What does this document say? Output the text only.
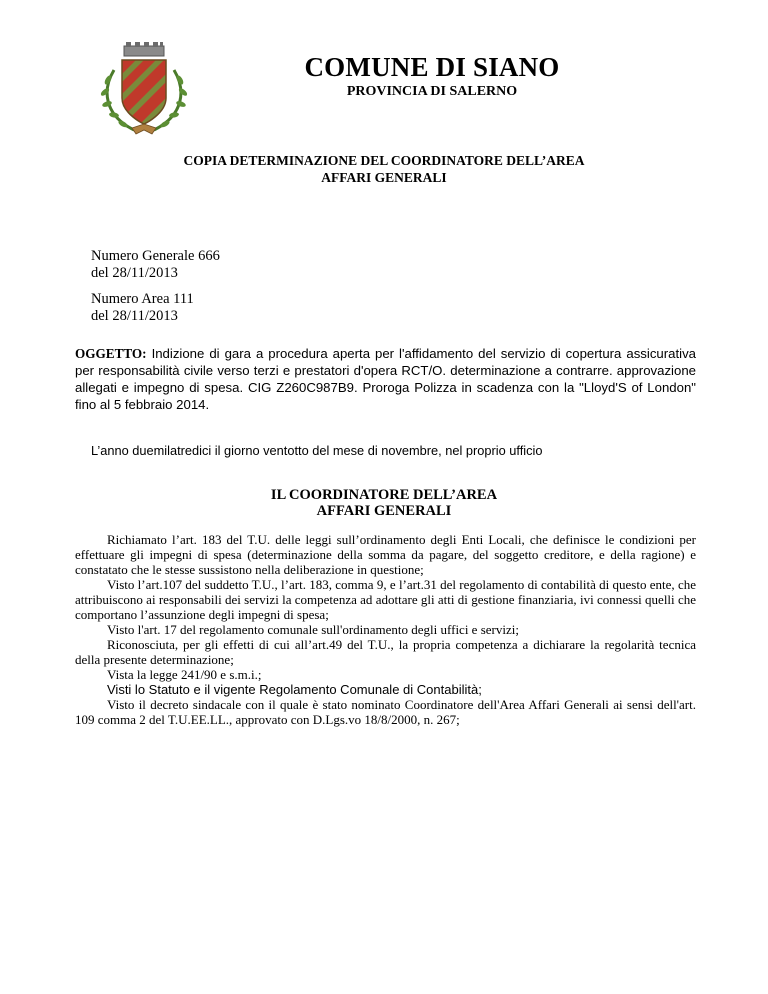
COMUNE DI SIANO
PROVINCIA DI SALERNO
COPIA DETERMINAZIONE DEL COORDINATORE DELL’AREA
AFFARI GENERALI
Numero Generale 666
del 28/11/2013
Numero Area 111
del 28/11/2013
OGGETTO: Indizione di gara a procedura aperta per l'affidamento del servizio di copertura assicurativa per responsabilità civile verso terzi e prestatori d'opera RCT/O. determinazione a contrarre. approvazione allegati e impegno di spesa. CIG Z260C987B9. Proroga Polizza in scadenza con la "Lloyd'S of London" fino al 5 febbraio 2014.
L’anno duemilatredici il giorno ventotto del mese di novembre, nel proprio ufficio
IL COORDINATORE DELL’AREA
AFFARI GENERALI

Richiamato l’art. 183 del T.U. delle leggi sull’ordinamento degli Enti Locali, che definisce le condizioni per effettuare gli impegni di spesa (determinazione della somma da pagare, del soggetto creditore, e della ragione) e constatato che le stesse sussistono nella deliberazione in questione;

Visto l’art.107 del suddetto T.U., l’art. 183, comma 9, e l’art.31 del regolamento di contabilità di questo ente, che attribuiscono ai responsabili dei servizi la competenza ad adottare gli atti di gestione finanziaria, ivi connessi quelli che comportano l’assunzione degli impegni di spesa;

Visto l'art. 17 del regolamento comunale sull'ordinamento degli uffici e servizi;

Riconosciuta, per gli effetti di cui all’art.49 del T.U., la propria competenza a dichiarare la regolarità tecnica della presente determinazione;

Vista la legge 241/90 e s.m.i.;

Visti lo Statuto e il vigente Regolamento Comunale di Contabilità;

Visto il decreto sindacale con il quale è stato nominato Coordinatore dell'Area Affari Generali ai sensi dell'art. 109 comma 2 del T.U.EE.LL., approvato con D.Lgs.vo 18/8/2000, n. 267;
